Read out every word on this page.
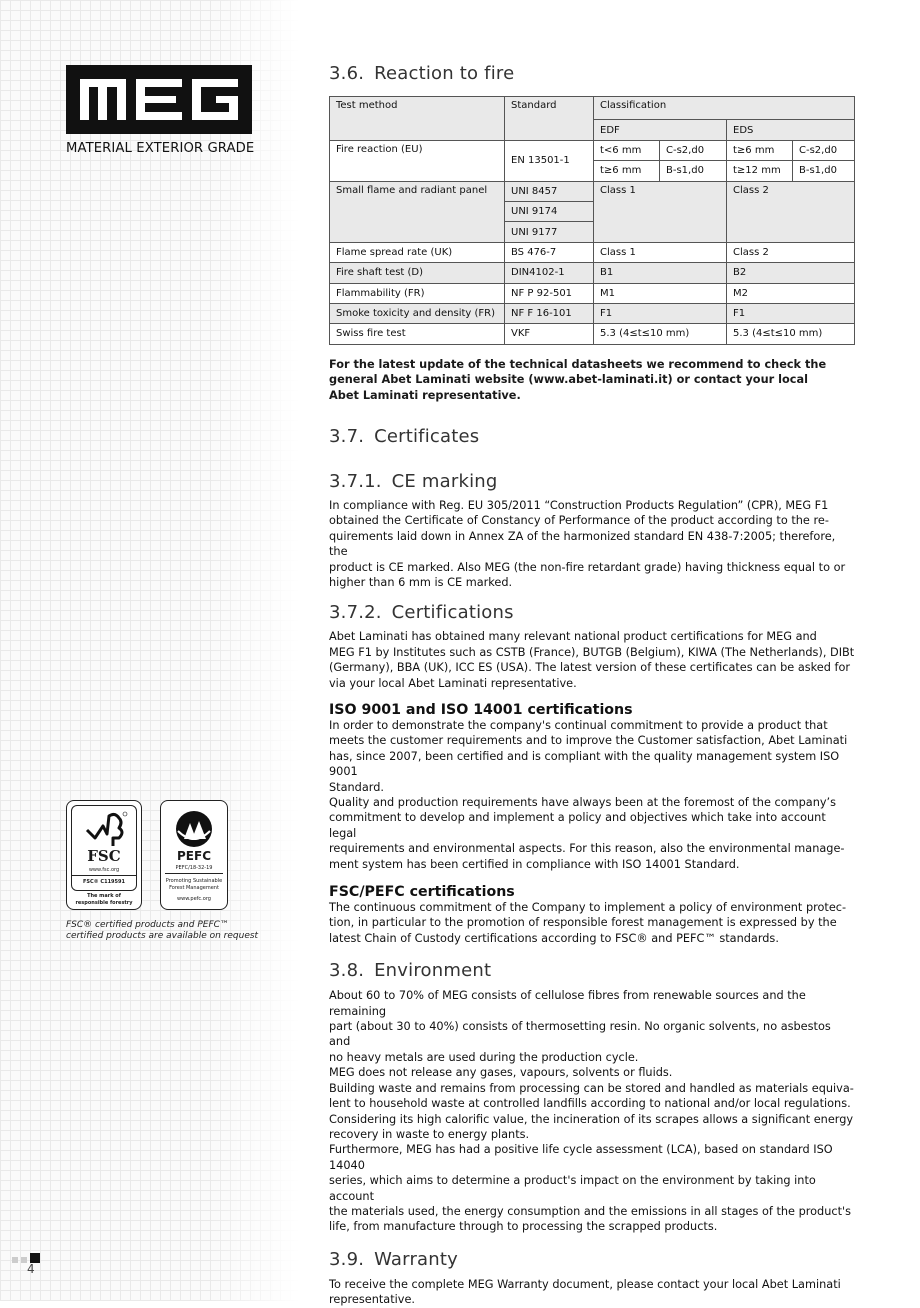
MATERIAL EXTERIOR GRADE
FSC
www.fsc.org
FSC® C119591
The mark of
responsible forestry
PEFC
PEFC/18-32-19
Promoting Sustainable
Forest Management
www.pefc.org
FSC® certified products and PEFC™
certified products are available on request
4
3.6. Reaction to fire
Test method	Standard	Classification			
		EDF		EDS	
Fire reaction (EU)	EN 13501-1	t<6 mm	C-s2,d0	t≥6 mm	C-s2,d0
		t≥6 mm	B-s1,d0	t≥12 mm	B-s1,d0
Small flame and radiant panel	UNI 8457	Class 1		Class 2	
	UNI 9174				
	UNI 9177				
Flame spread rate (UK)	BS 476-7	Class 1		Class 2	
Fire shaft test (D)	DIN4102-1	B1		B2	
Flammability (FR)	NF P 92-501	M1		M2	
Smoke toxicity and density (FR)	NF F 16-101	F1		F1	
Swiss fire test	VKF	5.3 (4≤t≤10 mm)		5.3 (4≤t≤10 mm)	
For the latest update of the technical datasheets we recommend to check the
general Abet Laminati website (www.abet-laminati.it) or contact your local
Abet Laminati representative.
3.7. Certificates
3.7.1. CE marking

In compliance with Reg. EU 305/2011 “Construction Products Regulation” (CPR), MEG F1

obtained the Certificate of Constancy of Performance of the product according to the re-

quirements laid down in Annex ZA of the harmonized standard EN 438-7:2005; therefore, the

product is CE marked. Also MEG (the non-fire retardant grade) having thickness equal to or

higher than 6 mm is CE marked.

3.7.2. Certifications

Abet Laminati has obtained many relevant national product certifications for MEG and

MEG F1 by Institutes such as CSTB (France), BUTGB (Belgium), KIWA (The Netherlands), DIBt

(Germany), BBA (UK), ICC ES (USA). The latest version of these certificates can be asked for

via your local Abet Laminati representative.

ISO 9001 and ISO 14001 certifications

In order to demonstrate the company's continual commitment to provide a product that

meets the customer requirements and to improve the Customer satisfaction, Abet Laminati

has, since 2007, been certified and is compliant with the quality management system ISO 9001

Standard.

Quality and production requirements have always been at the foremost of the company’s

commitment to develop and implement a policy and objectives which take into account legal

requirements and environmental aspects. For this reason, also the environmental manage-

ment system has been certified in compliance with ISO 14001 Standard.

FSC/PEFC certifications

The continuous commitment of the Company to implement a policy of environment protec-

tion, in particular to the promotion of responsible forest management is expressed by the

latest Chain of Custody certifications according to FSC® and PEFC™ standards.

3.8. Environment

About 60 to 70% of MEG consists of cellulose fibres from renewable sources and the remaining

part (about 30 to 40%) consists of thermosetting resin. No organic solvents, no asbestos and

no heavy metals are used during the production cycle.

MEG does not release any gases, vapours, solvents or fluids.

Building waste and remains from processing can be stored and handled as materials equiva-

lent to household waste at controlled landfills according to national and/or local regulations.

Considering its high calorific value, the incineration of its scrapes allows a significant energy

recovery in waste to energy plants.

Furthermore, MEG has had a positive life cycle assessment (LCA), based on standard ISO 14040

series, which aims to determine a product's impact on the environment by taking into account

the materials used, the energy consumption and the emissions in all stages of the product's

life, from manufacture through to processing the scrapped products.

3.9. Warranty

To receive the complete MEG Warranty document, please contact your local Abet Laminati

representative.
